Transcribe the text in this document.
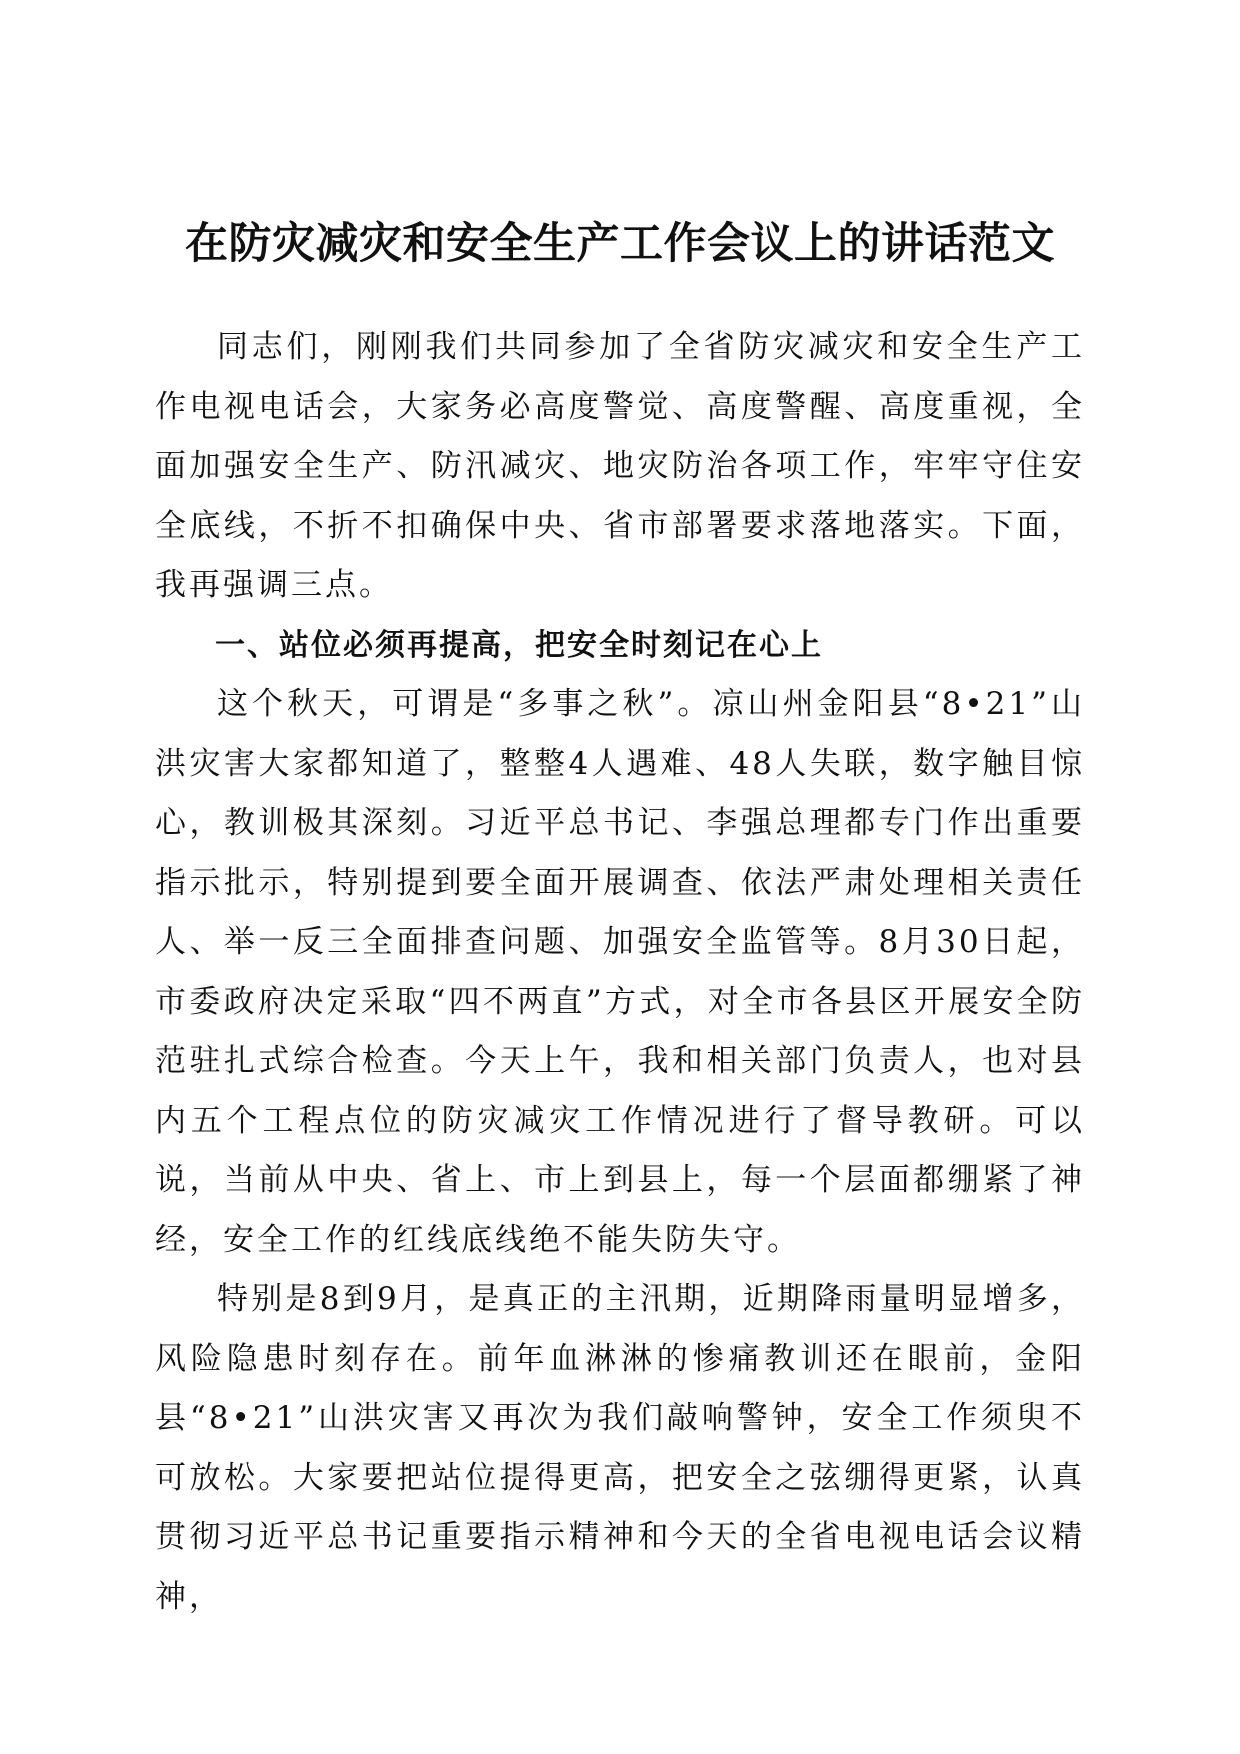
在防灾减灾和安全生产工作会议上的讲话范文

同志们，刚刚我们共同参加了全省防灾减灾和安全生产工作电视电话会，大家务必高度警觉、高度警醒、高度重视，全面加强安全生产、防汛减灾、地灾防治各项工作，牢牢守住安全底线，不折不扣确保中央、省市部署要求落地落实。下面，我再强调三点。

一、站位必须再提高，把安全时刻记在心上

这个秋天，可谓是“多事之秋”。凉山州金阳县“8•21”山洪灾害大家都知道了，整整4人遇难、48人失联，数字触目惊心，教训极其深刻。习近平总书记、李强总理都专门作出重要指示批示，特别提到要全面开展调查、依法严肃处理相关责任人、举一反三全面排查问题、加强安全监管等。8月30日起，市委政府决定采取“四不两直”方式，对全市各县区开展安全防范驻扎式综合检查。今天上午，我和相关部门负责人，也对县内五个工程点位的防灾减灾工作情况进行了督导教研。可以说，当前从中央、省上、市上到县上，每一个层面都绷紧了神经，安全工作的红线底线绝不能失防失守。

特别是8到9月，是真正的主汛期，近期降雨量明显增多，风险隐患时刻存在。前年血淋淋的惨痛教训还在眼前，金阳县“8•21”山洪灾害又再次为我们敲响警钟，安全工作须臾不可放松。大家要把站位提得更高，把安全之弦绷得更紧，认真贯彻习近平总书记重要指示精神和今天的全省电视电话会议精神，
